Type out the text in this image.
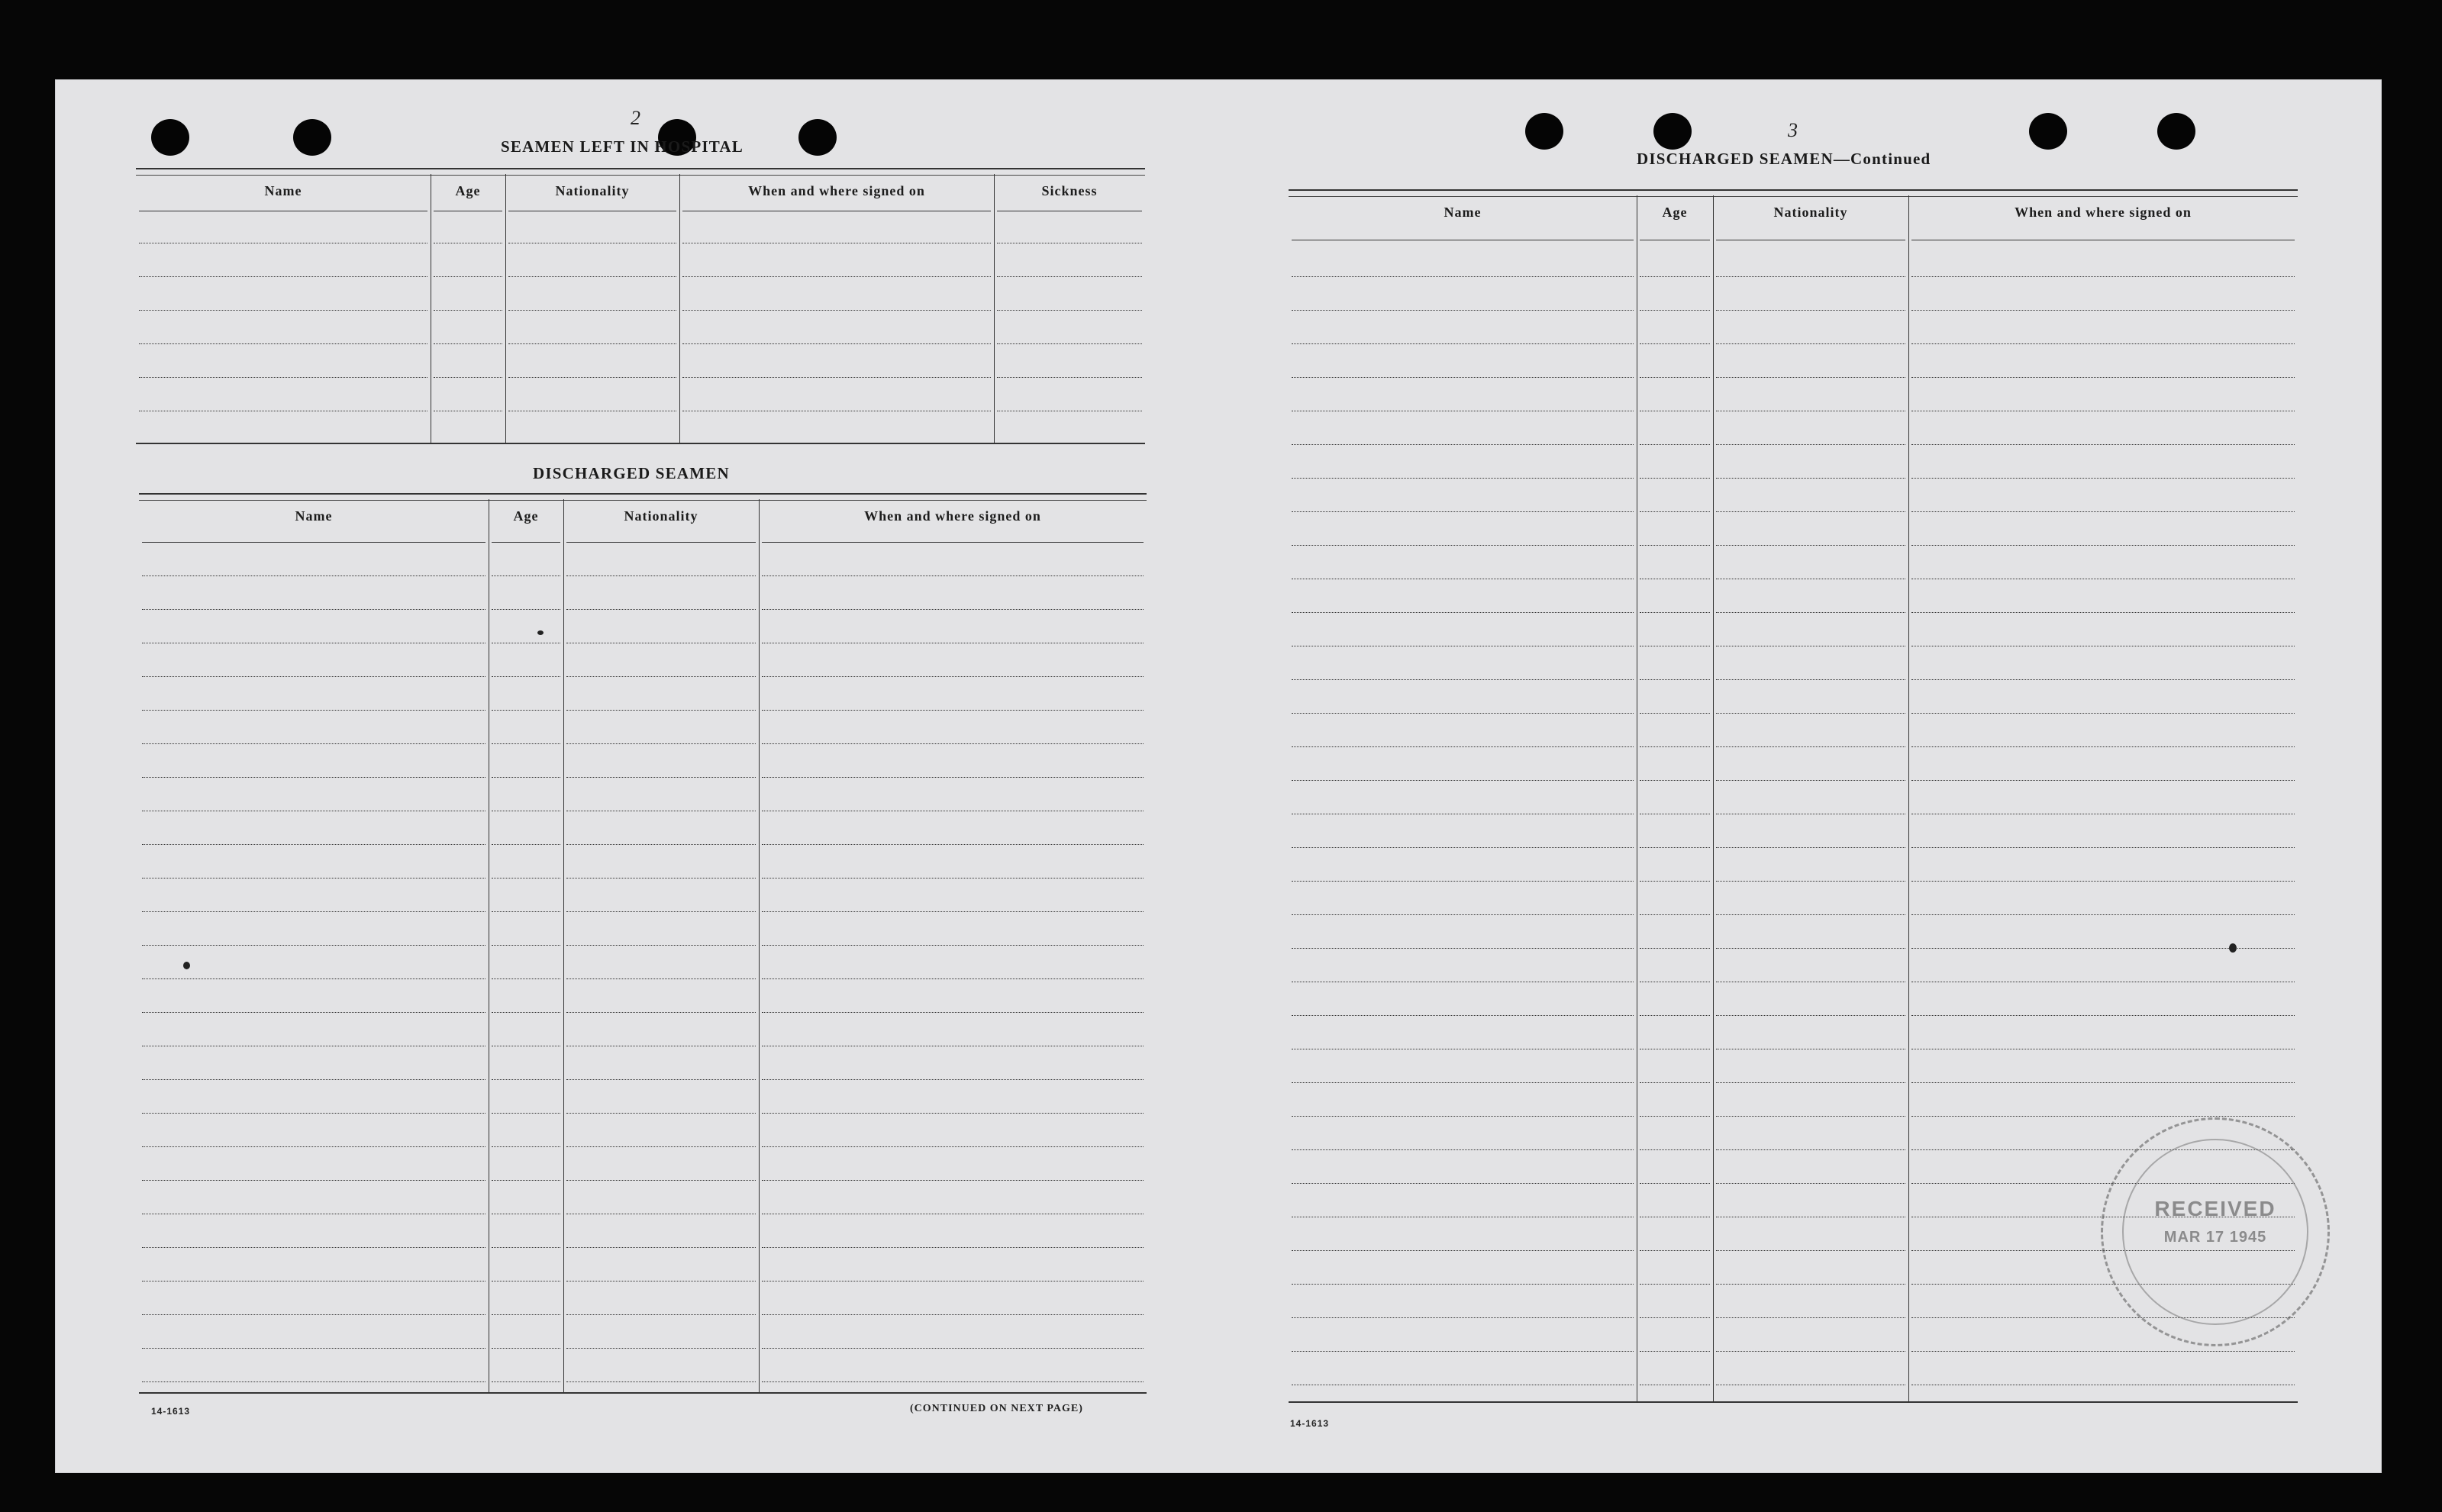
2
SEAMEN LEFT IN HOSPITAL
Name	Age	Nationality	When and where signed on	Sickness
DISCHARGED SEAMEN
Name	Age	Nationality	When and where signed on
14-1613	(CONTINUED ON NEXT PAGE)
3
DISCHARGED SEAMEN—Continued
Name	Age	Nationality	When and where signed on
14-1613
RECEIVED
MAR 17 1945
